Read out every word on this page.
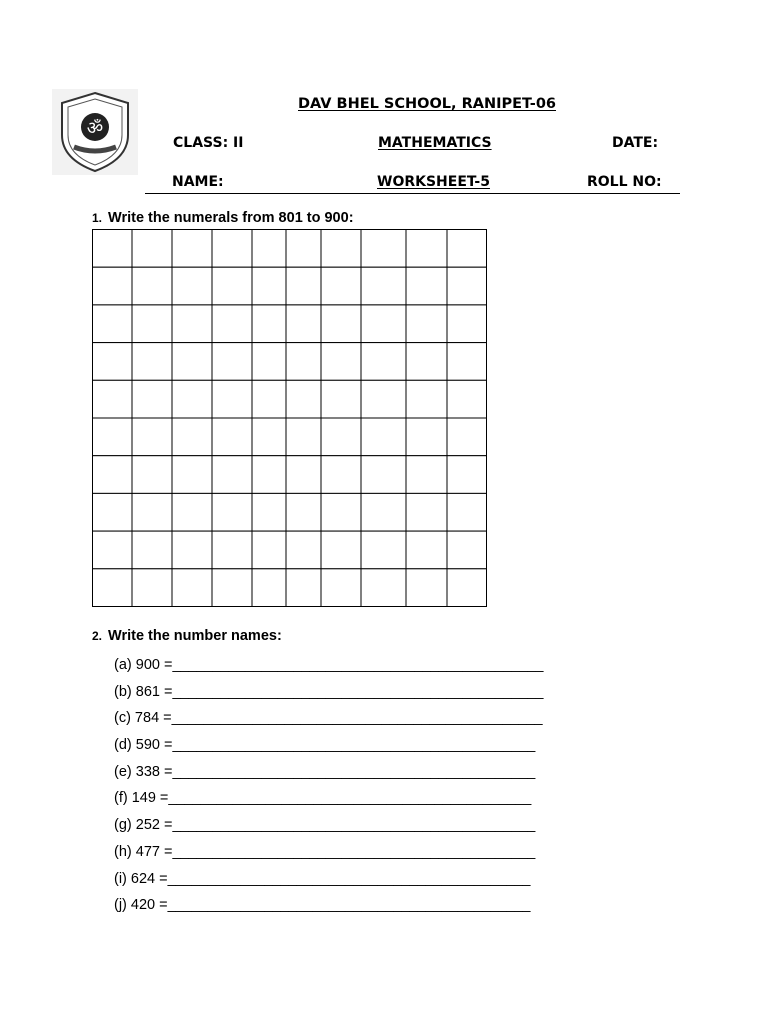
ॐ
DAV BHEL SCHOOL, RANIPET-06
CLASS: II	MATHEMATICS	DATE:
NAME:	WORKSHEET-5	ROLL NO:
1. Write the numerals from 801 to 900:
2. Write the number names:
(a) 900 =______________________________________________
(b) 861 =______________________________________________
(c) 784 =______________________________________________
(d) 590 =_____________________________________________
(e) 338 =_____________________________________________
(f) 149 =_____________________________________________
(g) 252 =_____________________________________________
(h) 477 =_____________________________________________
(i) 624 =_____________________________________________
(j) 420 =_____________________________________________
